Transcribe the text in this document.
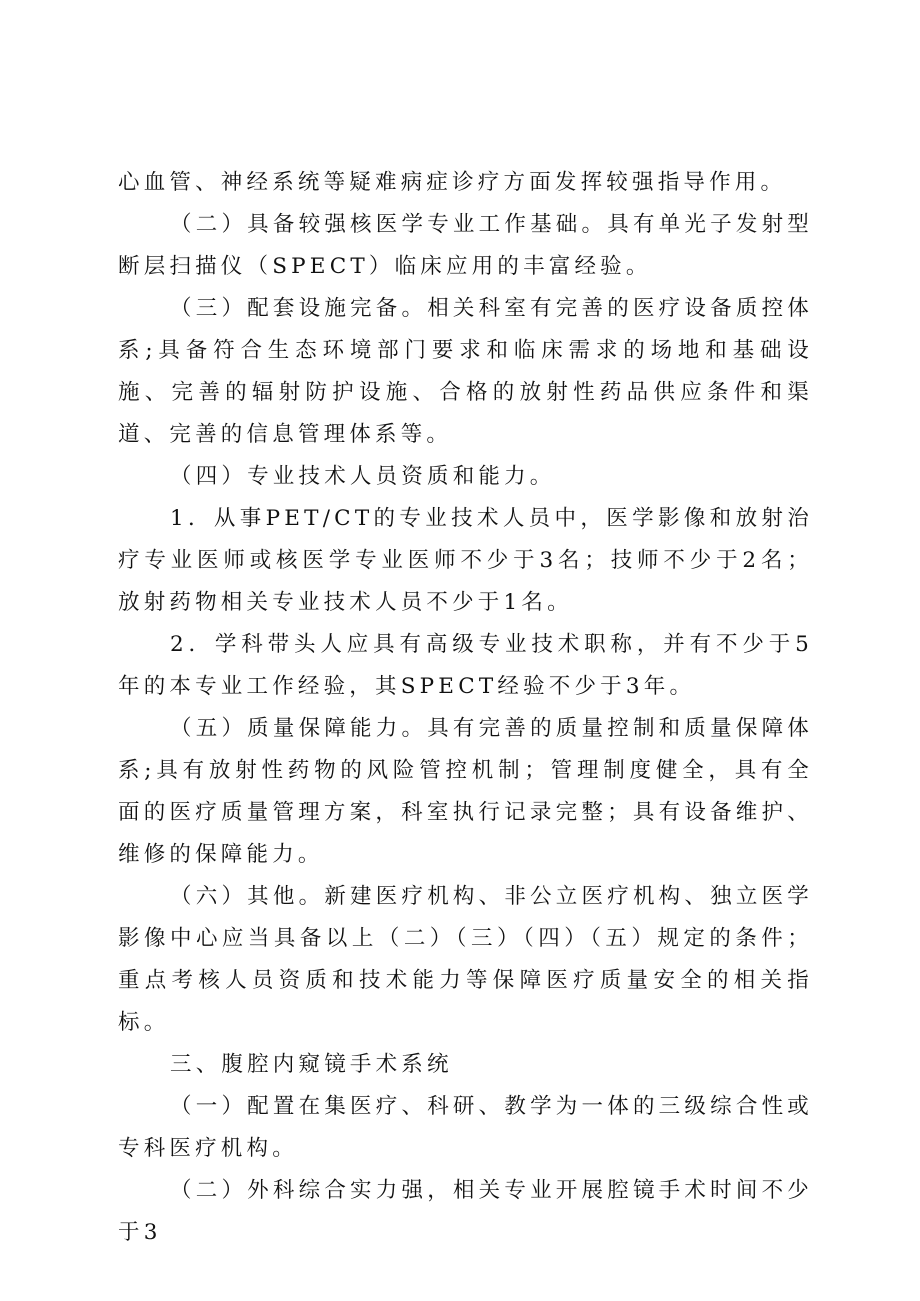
心血管、神经系统等疑难病症诊疗方面发挥较强指导作用。

（二）具备较强核医学专业工作基础。具有单光子发射型断层扫描仪（SPECT）临床应用的丰富经验。

（三）配套设施完备。相关科室有完善的医疗设备质控体系;具备符合生态环境部门要求和临床需求的场地和基础设施、完善的辐射防护设施、合格的放射性药品供应条件和渠道、完善的信息管理体系等。

（四）专业技术人员资质和能力。

1．从事PET/CT的专业技术人员中，医学影像和放射治疗专业医师或核医学专业医师不少于3名；技师不少于2名；放射药物相关专业技术人员不少于1名。

2．学科带头人应具有高级专业技术职称，并有不少于5年的本专业工作经验，其SPECT经验不少于3年。

（五）质量保障能力。具有完善的质量控制和质量保障体系;具有放射性药物的风险管控机制；管理制度健全，具有全面的医疗质量管理方案，科室执行记录完整；具有设备维护、维修的保障能力。

（六）其他。新建医疗机构、非公立医疗机构、独立医学影像中心应当具备以上（二）（三）（四）（五）规定的条件；重点考核人员资质和技术能力等保障医疗质量安全的相关指标。

三、腹腔内窥镜手术系统

（一）配置在集医疗、科研、教学为一体的三级综合性或专科医疗机构。

（二）外科综合实力强，相关专业开展腔镜手术时间不少于3
